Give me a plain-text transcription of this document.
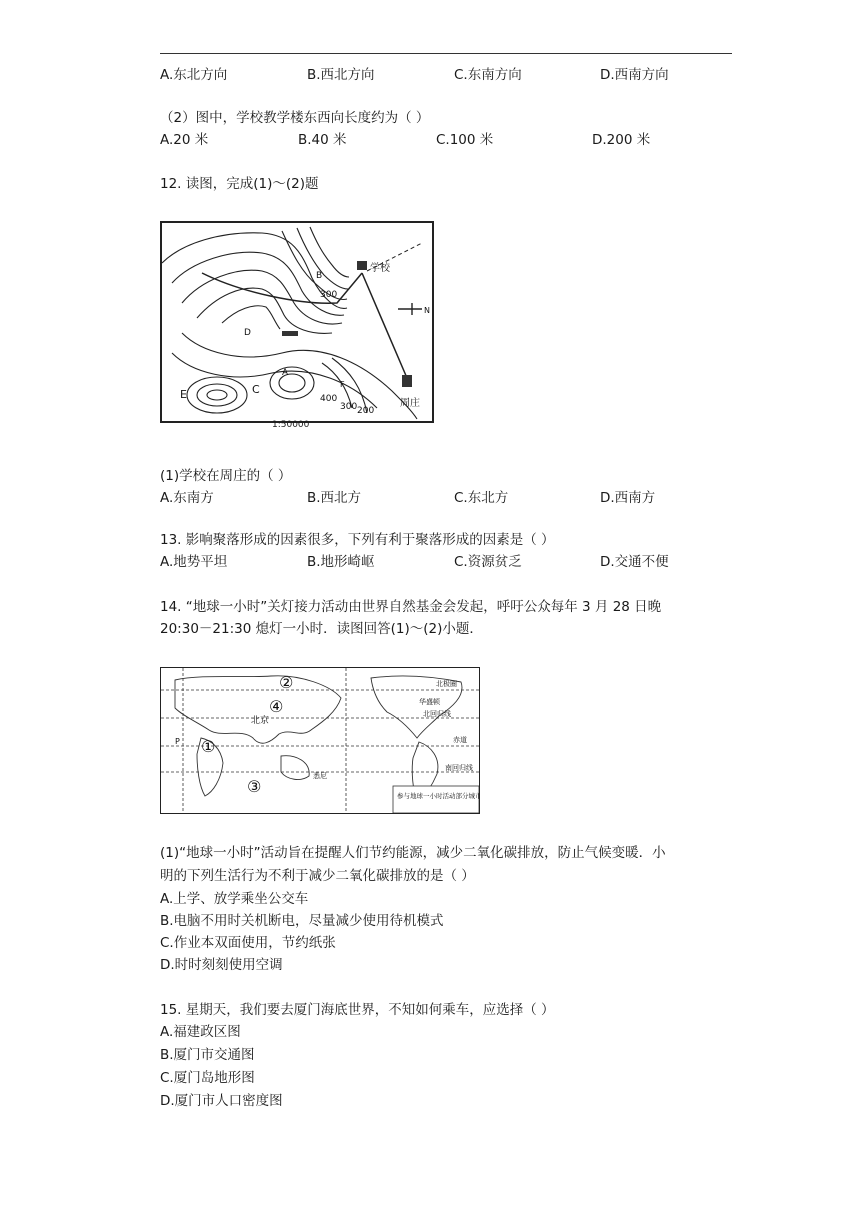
A.东北方向	B.西北方向	C.东南方向	D.西南方向
（2）图中，学校教学楼东西向长度约为（ ）
A.20 米	B.40 米	C.100 米	D.200 米
12. 读图，完成(1)～(2)题
学校
周庄
N
B
D
A
C
E
F
300
400
300 200
1:50000
(1)学校在周庄的（ ）
A.东南方	B.西北方	C.东北方	D.西南方
13. 影响聚落形成的因素很多，下列有利于聚落形成的因素是（ ）
A.地势平坦	B.地形崎岖	C.资源贫乏	D.交通不便
14. “地球一小时”关灯接力活动由世界自然基金会发起，呼吁公众每年 3 月 28 日晚
20:30－21:30 熄灯一小时．读图回答(1)～(2)小题．
①
②
③
④
北京
华盛顿
北极圈
北回归线
赤道
南回归线
悉尼
P
参与地球一小时活动部分城市
(1)“地球一小时”活动旨在提醒人们节约能源，减少二氧化碳排放，防止气候变暖．小
明的下列生活行为不利于减少二氧化碳排放的是（ ）
A.上学、放学乘坐公交车
B.电脑不用时关机断电，尽量减少使用待机模式
C.作业本双面使用，节约纸张
D.时时刻刻使用空调
15. 星期天，我们要去厦门海底世界，不知如何乘车，应选择（ ）
A.福建政区图
B.厦门市交通图
C.厦门岛地形图
D.厦门市人口密度图
